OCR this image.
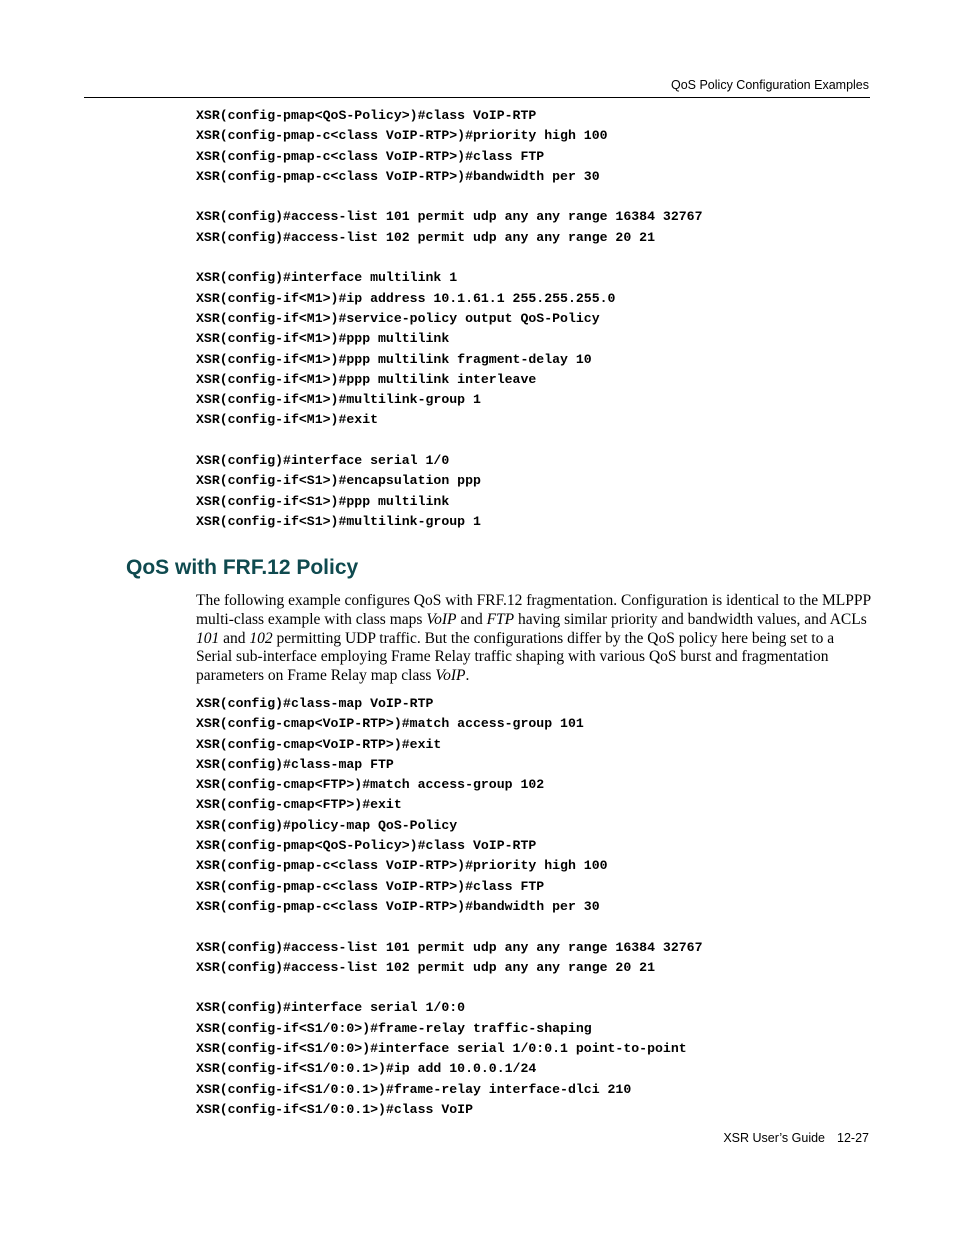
QoS Policy Configuration Examples
XSR(config-pmap<QoS-Policy>)#class VoIP-RTP
XSR(config-pmap-c<class VoIP-RTP>)#priority high 100
XSR(config-pmap-c<class VoIP-RTP>)#class FTP
XSR(config-pmap-c<class VoIP-RTP>)#bandwidth per 30
XSR(config)#access-list 101 permit udp any any range 16384 32767
XSR(config)#access-list 102 permit udp any any range 20 21
XSR(config)#interface multilink 1
XSR(config-if<M1>)#ip address 10.1.61.1 255.255.255.0
XSR(config-if<M1>)#service-policy output QoS-Policy
XSR(config-if<M1>)#ppp multilink
XSR(config-if<M1>)#ppp multilink fragment-delay 10
XSR(config-if<M1>)#ppp multilink interleave
XSR(config-if<M1>)#multilink-group 1
XSR(config-if<M1>)#exit
XSR(config)#interface serial 1/0
XSR(config-if<S1>)#encapsulation ppp
XSR(config-if<S1>)#ppp multilink
XSR(config-if<S1>)#multilink-group 1
QoS with FRF.12 Policy

The following example configures QoS with FRF.12 fragmentation. Configuration is identical to the MLPPP multi-class example with class maps VoIP and FTP having similar priority and bandwidth values, and ACLs 101 and 102 permitting UDP traffic. But the configurations differ by the QoS policy here being set to a Serial sub-interface employing Frame Relay traffic shaping with various QoS burst and fragmentation parameters on Frame Relay map class VoIP.

XSR(config)#class-map VoIP-RTP
XSR(config-cmap<VoIP-RTP>)#match access-group 101
XSR(config-cmap<VoIP-RTP>)#exit
XSR(config)#class-map FTP
XSR(config-cmap<FTP>)#match access-group 102
XSR(config-cmap<FTP>)#exit
XSR(config)#policy-map QoS-Policy
XSR(config-pmap<QoS-Policy>)#class VoIP-RTP
XSR(config-pmap-c<class VoIP-RTP>)#priority high 100
XSR(config-pmap-c<class VoIP-RTP>)#class FTP
XSR(config-pmap-c<class VoIP-RTP>)#bandwidth per 30
XSR(config)#access-list 101 permit udp any any range 16384 32767
XSR(config)#access-list 102 permit udp any any range 20 21
XSR(config)#interface serial 1/0:0
XSR(config-if<S1/0:0>)#frame-relay traffic-shaping
XSR(config-if<S1/0:0>)#interface serial 1/0:0.1 point-to-point
XSR(config-if<S1/0:0.1>)#ip add 10.0.0.1/24
XSR(config-if<S1/0:0.1>)#frame-relay interface-dlci 210
XSR(config-if<S1/0:0.1>)#class VoIP
XSR User’s Guide 12-27
